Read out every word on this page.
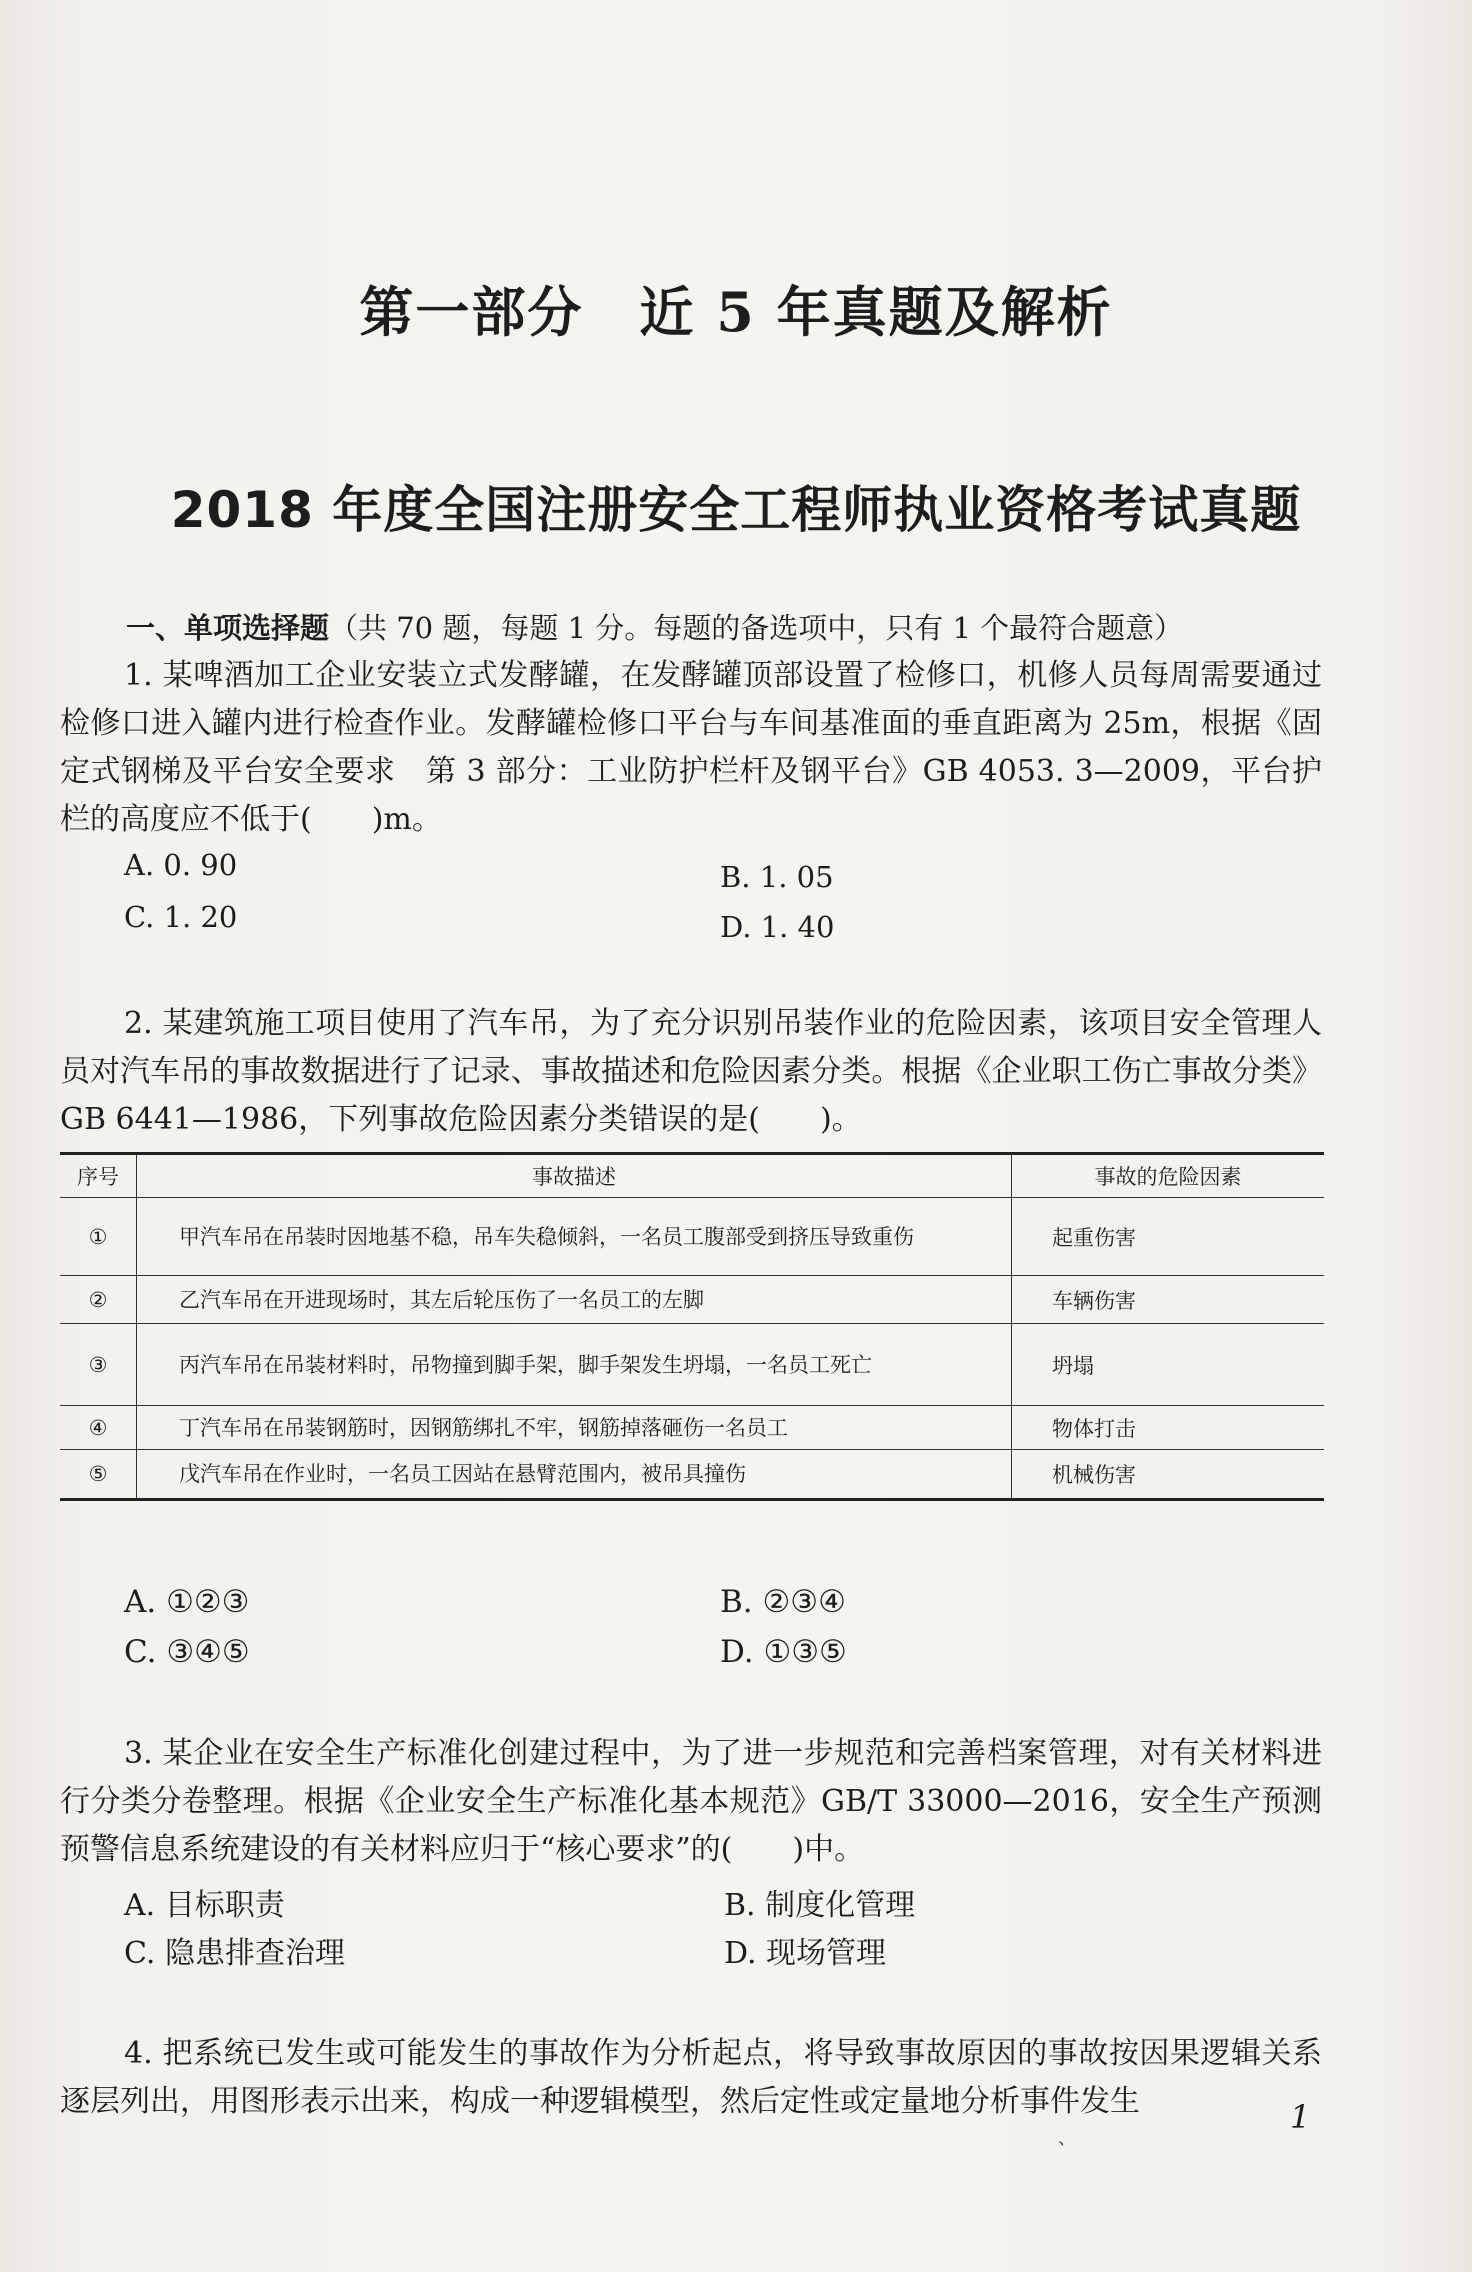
第一部分 近 5 年真题及解析
2018 年度全国注册安全工程师执业资格考试真题
一、单项选择题（共 70 题，每题 1 分。每题的备选项中，只有 1 个最符合题意）
1. 某啤酒加工企业安装立式发酵罐，在发酵罐顶部设置了检修口，机修人员每周需要通过检修口进入罐内进行检查作业。发酵罐检修口平台与车间基准面的垂直距离为 25m，根据《固定式钢梯及平台安全要求　第 3 部分：工业防护栏杆及钢平台》GB 4053. 3—2009，平台护栏的高度应不低于(　　)m。
A. 0. 90	B. 1. 05
C. 1. 20	D. 1. 40
2. 某建筑施工项目使用了汽车吊，为了充分识别吊装作业的危险因素，该项目安全管理人员对汽车吊的事故数据进行了记录、事故描述和危险因素分类。根据《企业职工伤亡事故分类》GB 6441—1986，下列事故危险因素分类错误的是(　　)。
序号	事故描述	事故的危险因素
①	甲汽车吊在吊装时因地基不稳，吊车失稳倾斜，一名员工腹部受到挤压导致重伤	起重伤害
②	乙汽车吊在开进现场时，其左后轮压伤了一名员工的左脚	车辆伤害
③	丙汽车吊在吊装材料时，吊物撞到脚手架，脚手架发生坍塌，一名员工死亡	坍塌
④	丁汽车吊在吊装钢筋时，因钢筋绑扎不牢，钢筋掉落砸伤一名员工	物体打击
⑤	戊汽车吊在作业时，一名员工因站在悬臂范围内，被吊具撞伤	机械伤害
A. ①②③	B. ②③④
C. ③④⑤	D. ①③⑤
3. 某企业在安全生产标准化创建过程中，为了进一步规范和完善档案管理，对有关材料进行分类分卷整理。根据《企业安全生产标准化基本规范》GB/T 33000—2016，安全生产预测预警信息系统建设的有关材料应归于“核心要求”的(　　)中。
A. 目标职责	B. 制度化管理
C. 隐患排查治理	D. 现场管理
4. 把系统已发生或可能发生的事故作为分析起点，将导致事故原因的事故按因果逻辑关系逐层列出，用图形表示出来，构成一种逻辑模型，然后定性或定量地分析事件发生
、
1
